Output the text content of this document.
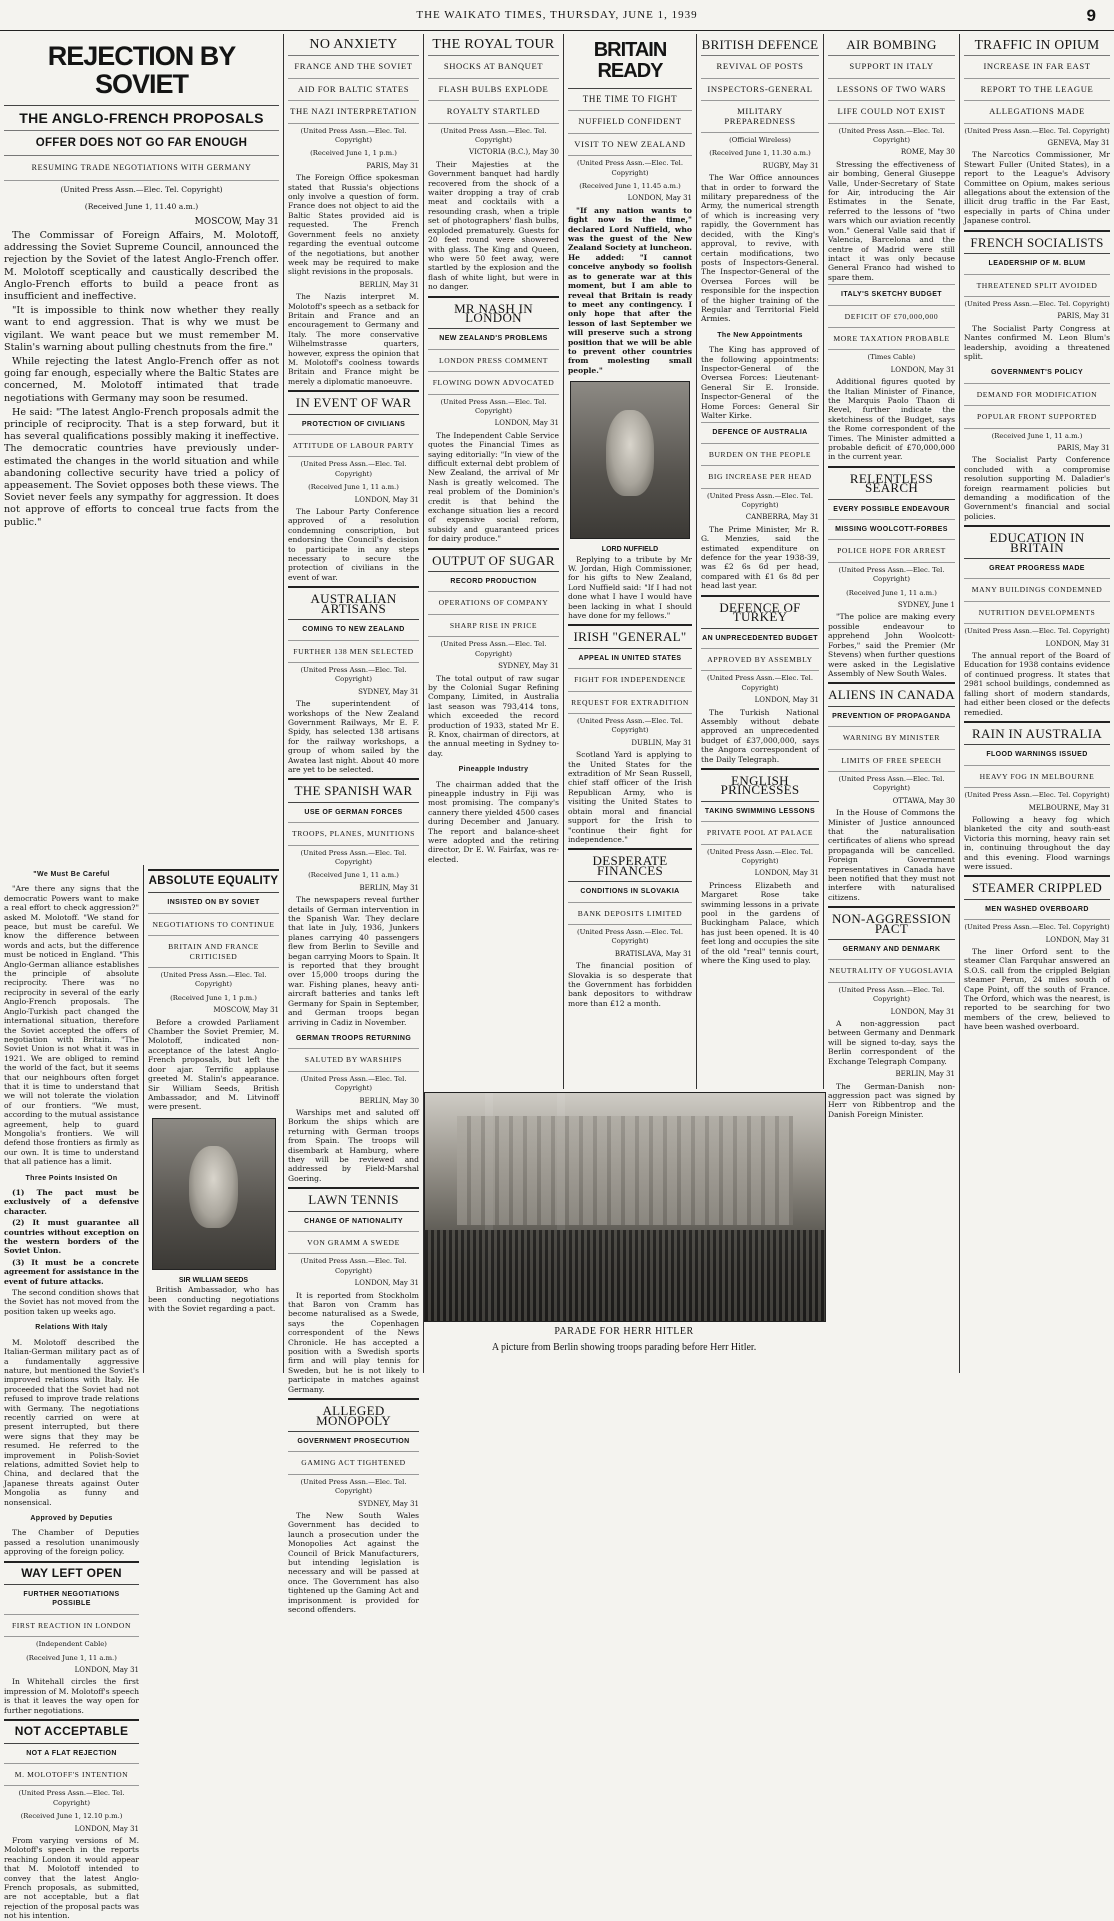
THE WAIKATO TIMES, THURSDAY, JUNE 1, 1939	9
REJECTION BY SOVIET
THE ANGLO-FRENCH PROPOSALS
OFFER DOES NOT GO FAR ENOUGH
RESUMING TRADE NEGOTIATIONS WITH GERMANY
(United Press Assn.—Elec. Tel. Copyright)
(Received June 1, 11.40 a.m.)
MOSCOW, May 31

The Commissar of Foreign Affairs, M. Molotoff, addressing the Soviet Supreme Council, announced the rejection by the Soviet of the latest Anglo-French offer. M. Molotoff sceptically and caustically described the Anglo-French efforts to build a peace front as insufficient and ineffective.

"It is impossible to think now whether they really want to end aggression. That is why we must be vigilant. We want peace but we must remember M. Stalin's warning about pulling chestnuts from the fire."

While rejecting the latest Anglo-French offer as not going far enough, especially where the Baltic States are concerned, M. Molotoff intimated that trade negotiations with Germany may soon be resumed.

He said: "The latest Anglo-French proposals admit the principle of reciprocity. That is a step forward, but it has several qualifications possibly making it ineffective. The democratic countries have previously under-estimated the changes in the world situation and while abandoning collective security have tried a policy of appeasement. The Soviet opposes both these views. The Soviet never feels any sympathy for aggression. It does not approve of efforts to conceal true facts from the public."

"We Must Be Careful

"Are there any signs that the democratic Powers want to make a real effort to check aggression?" asked M. Molotoff. "We stand for peace, but must be careful. We know the difference between words and acts, but the difference must be noticed in England. "This Anglo-German alliance establishes the principle of absolute reciprocity. There was no reciprocity in several of the early Anglo-French proposals. The Anglo-Turkish pact changed the international situation, therefore the Soviet accepted the offers of negotiation with Britain. "The Soviet Union is not what it was in 1921. We are obliged to remind the world of the fact, but it seems that our neighbours often forget that it is time to understand that we will not tolerate the violation of our frontiers. "We must, according to the mutual assistance agreement, help to guard Mongolia's frontiers. We will defend those frontiers as firmly as our own. It is time to understand that all patience has a limit.

Three Points Insisted On

(1) The pact must be exclusively of a defensive character.

(2) It must guarantee all countries without exception on the western borders of the Soviet Union.

(3) It must be a concrete agreement for assistance in the event of future attacks.

The second condition shows that the Soviet has not moved from the position taken up weeks ago.

Relations With Italy

M. Molotoff described the Italian-German military pact as of a fundamentally aggressive nature, but mentioned the Soviet's improved relations with Italy. He proceeded that the Soviet had not refused to improve trade relations with Germany. The negotiations recently carried on were at present interrupted, but there were signs that they may be resumed. He referred to the improvement in Polish-Soviet relations, admitted Soviet help to China, and declared that the Japanese threats against Outer Mongolia as funny and nonsensical.

Approved by Deputies

The Chamber of Deputies passed a resolution unanimously approving of the foreign policy.

WAY LEFT OPEN
FURTHER NEGOTIATIONS POSSIBLE
FIRST REACTION IN LONDON
(Independent Cable)
(Received June 1, 11 a.m.)
LONDON, May 31

In Whitehall circles the first impression of M. Molotoff's speech is that it leaves the way open for further negotiations.

NOT ACCEPTABLE
NOT A FLAT REJECTION
M. MOLOTOFF'S INTENTION
(United Press Assn.—Elec. Tel. Copyright)
(Received June 1, 12.10 p.m.)
LONDON, May 31

From varying versions of M. Molotoff's speech in the reports reaching London it would appear that M. Molotoff intended to convey that the latest Anglo-French proposals, as submitted, are not acceptable, but a flat rejection of the proposal pacts was not his intention.

ABSOLUTE EQUALITY
INSISTED ON BY SOVIET
NEGOTIATIONS TO CONTINUE
BRITAIN AND FRANCE CRITICISED
(United Press Assn.—Elec. Tel. Copyright)
(Received June 1, 1 p.m.)
MOSCOW, May 31

Before a crowded Parliament Chamber the Soviet Premier, M. Molotoff, indicated non-acceptance of the latest Anglo-French proposals, but left the door ajar. Terrific applause greeted M. Stalin's appearance. Sir William Seeds, British Ambassador, and M. Litvinoff were present.

SIR WILLIAM SEEDS

British Ambassador, who has been conducting negotiations with the Soviet regarding a pact.

NO ANXIETY
FRANCE AND THE SOVIET
AID FOR BALTIC STATES
THE NAZI INTERPRETATION
(United Press Assn.—Elec. Tel. Copyright)
(Received June 1, 1 p.m.)
PARIS, May 31

The Foreign Office spokesman stated that Russia's objections only involve a question of form. France does not object to aid the Baltic States provided aid is requested. The French Government feels no anxiety regarding the eventual outcome of the negotiations, but another week may be required to make slight revisions in the proposals.

BERLIN, May 31

The Nazis interpret M. Molotoff's speech as a setback for Britain and France and an encouragement to Germany and Italy. The more conservative Wilhelmstrasse quarters, however, express the opinion that M. Molotoff's coolness towards Britain and France might be merely a diplomatic manoeuvre.

IN EVENT OF WAR
PROTECTION OF CIVILIANS
ATTITUDE OF LABOUR PARTY
(United Press Assn.—Elec. Tel. Copyright)
(Received June 1, 11 a.m.)
LONDON, May 31

The Labour Party Conference approved of a resolution condemning conscription, but endorsing the Council's decision to participate in any steps necessary to secure the protection of civilians in the event of war.

AUSTRALIAN ARTISANS
COMING TO NEW ZEALAND
FURTHER 138 MEN SELECTED
(United Press Assn.—Elec. Tel. Copyright)
SYDNEY, May 31

The superintendent of workshops of the New Zealand Government Railways, Mr E. F. Spidy, has selected 138 artisans for the railway workshops, a group of whom sailed by the Awatea last night. About 40 more are yet to be selected.

THE SPANISH WAR
USE OF GERMAN FORCES
TROOPS, PLANES, MUNITIONS
(United Press Assn.—Elec. Tel. Copyright)
(Received June 1, 11 a.m.)
BERLIN, May 31

The newspapers reveal further details of German intervention in the Spanish War. They declare that late in July, 1936, Junkers planes carrying 40 passengers flew from Berlin to Seville and began carrying Moors to Spain. It is reported that they brought over 15,000 troops during the war. Fishing planes, heavy anti-aircraft batteries and tanks left Germany for Spain in September, and German troops began arriving in Cadiz in November.

GERMAN TROOPS RETURNING
SALUTED BY WARSHIPS
(United Press Assn.—Elec. Tel. Copyright)
BERLIN, May 30

Warships met and saluted off Borkum the ships which are returning with German troops from Spain. The troops will disembark at Hamburg, where they will be reviewed and addressed by Field-Marshal Goering.

LAWN TENNIS
CHANGE OF NATIONALITY
VON GRAMM A SWEDE
(United Press Assn.—Elec. Tel. Copyright)
LONDON, May 31

It is reported from Stockholm that Baron von Cramm has become naturalised as a Swede, says the Copenhagen correspondent of the News Chronicle. He has accepted a position with a Swedish sports firm and will play tennis for Sweden, but he is not likely to participate in matches against Germany.

ALLEGED MONOPOLY
GOVERNMENT PROSECUTION
GAMING ACT TIGHTENED
(United Press Assn.—Elec. Tel. Copyright)
SYDNEY, May 31

The New South Wales Government has decided to launch a prosecution under the Monopolies Act against the Council of Brick Manufacturers, but intending legislation is necessary and will be passed at once. The Government has also tightened up the Gaming Act and imprisonment is provided for second offenders.

THE ROYAL TOUR
SHOCKS AT BANQUET
FLASH BULBS EXPLODE
ROYALTY STARTLED
(United Press Assn.—Elec. Tel. Copyright)
VICTORIA (B.C.), May 30

Their Majesties at the Government banquet had hardly recovered from the shock of a waiter dropping a tray of crab meat and cocktails with a resounding crash, when a triple set of photographers' flash bulbs, exploded prematurely. Guests for 20 feet round were showered with glass. The King and Queen, who were 50 feet away, were startled by the explosion and the flash of white light, but were in no danger.

MR NASH IN LONDON
NEW ZEALAND'S PROBLEMS
LONDON PRESS COMMENT
FLOWING DOWN ADVOCATED
(United Press Assn.—Elec. Tel. Copyright)
LONDON, May 31

The Independent Cable Service quotes the Financial Times as saying editorially: "In view of the difficult external debt problem of New Zealand, the arrival of Mr Nash is greatly welcomed. The real problem of the Dominion's credit is that behind the exchange situation lies a record of expensive social reform, subsidy and guaranteed prices for dairy produce."

OUTPUT OF SUGAR
RECORD PRODUCTION
OPERATIONS OF COMPANY
SHARP RISE IN PRICE
(United Press Assn.—Elec. Tel. Copyright)
SYDNEY, May 31

The total output of raw sugar by the Colonial Sugar Refining Company, Limited, in Australia last season was 793,414 tons, which exceeded the record production of 1933, stated Mr E. R. Knox, chairman of directors, at the annual meeting in Sydney to-day.

Pineapple Industry

The chairman added that the pineapple industry in Fiji was most promising. The company's cannery there yielded 4500 cases during December and January. The report and balance-sheet were adopted and the retiring director, Dr E. W. Fairfax, was re-elected.

BRITAIN READY
THE TIME TO FIGHT
NUFFIELD CONFIDENT
VISIT TO NEW ZEALAND
(United Press Assn.—Elec. Tel. Copyright)
(Received June 1, 11.45 a.m.)
LONDON, May 31

"If any nation wants to fight now is the time," declared Lord Nuffield, who was the guest of the New Zealand Society at luncheon. He added: "I cannot conceive anybody so foolish as to generate war at this moment, but I am able to reveal that Britain is ready to meet any contingency. I only hope that after the lesson of last September we will preserve such a strong position that we will be able to prevent other countries from molesting small people."

LORD NUFFIELD

Replying to a tribute by Mr W. Jordan, High Commissioner, for his gifts to New Zealand, Lord Nuffield said: "If I had not done what I have I would have been lacking in what I should have done for my fellows."

IRISH "GENERAL"
APPEAL IN UNITED STATES
FIGHT FOR INDEPENDENCE
REQUEST FOR EXTRADITION
(United Press Assn.—Elec. Tel. Copyright)
DUBLIN, May 31

Scotland Yard is applying to the United States for the extradition of Mr Sean Russell, chief staff officer of the Irish Republican Army, who is visiting the United States to obtain moral and financial support for the Irish to "continue their fight for independence."

DESPERATE FINANCES
CONDITIONS IN SLOVAKIA
BANK DEPOSITS LIMITED
(United Press Assn.—Elec. Tel. Copyright)
BRATISLAVA, May 31

The financial position of Slovakia is so desperate that the Government has forbidden bank depositors to withdraw more than £12 a month.

BRITISH DEFENCE
REVIVAL OF POSTS
INSPECTORS-GENERAL
MILITARY PREPAREDNESS
(Official Wireless)
(Received June 1, 11.30 a.m.)
RUGBY, May 31

The War Office announces that in order to forward the military preparedness of the Army, the numerical strength of which is increasing very rapidly, the Government has decided, with the King's approval, to revive, with certain modifications, two posts of Inspectors-General. The Inspector-General of the Oversea Forces will be responsible for the inspection of the higher training of the Regular and Territorial Field Armies.

The New Appointments

The King has approved of the following appointments: Inspector-General of the Oversea Forces: Lieutenant-General Sir E. Ironside. Inspector-General of the Home Forces: General Sir Walter Kirke.

DEFENCE OF AUSTRALIA
BURDEN ON THE PEOPLE
BIG INCREASE PER HEAD
(United Press Assn.—Elec. Tel. Copyright)
CANBERRA, May 31

The Prime Minister, Mr R. G. Menzies, said the estimated expenditure on defence for the year 1938-39, was £2 6s 6d per head, compared with £1 6s 8d per head last year.

DEFENCE OF TURKEY
AN UNPRECEDENTED BUDGET
APPROVED BY ASSEMBLY
(United Press Assn.—Elec. Tel. Copyright)
LONDON, May 31

The Turkish National Assembly without debate approved an unprecedented budget of £37,000,000, says the Angora correspondent of the Daily Telegraph.

ENGLISH PRINCESSES
TAKING SWIMMING LESSONS
PRIVATE POOL AT PALACE
(United Press Assn.—Elec. Tel. Copyright)
LONDON, May 31

Princess Elizabeth and Margaret Rose take swimming lessons in a private pool in the gardens of Buckingham Palace, which has just been opened. It is 40 feet long and occupies the site of the old "real" tennis court, where the King used to play.

AIR BOMBING
SUPPORT IN ITALY
LESSONS OF TWO WARS
LIFE COULD NOT EXIST
(United Press Assn.—Elec. Tel. Copyright)
ROME, May 30

Stressing the effectiveness of air bombing, General Giuseppe Valle, Under-Secretary of State for Air, introducing the Air Estimates in the Senate, referred to the lessons of "two wars which our aviation recently won." General Valle said that if Valencia, Barcelona and the centre of Madrid were still intact it was only because General Franco had wished to spare them.

ITALY'S SKETCHY BUDGET
DEFICIT OF £70,000,000
MORE TAXATION PROBABLE
(Times Cable)
LONDON, May 31

Additional figures quoted by the Italian Minister of Finance, the Marquis Paolo Thaon di Revel, further indicate the sketchiness of the Budget, says the Rome correspondent of the Times. The Minister admitted a probable deficit of £70,000,000 in the current year.

RELENTLESS SEARCH
EVERY POSSIBLE ENDEAVOUR
MISSING WOOLCOTT-FORBES
POLICE HOPE FOR ARREST
(United Press Assn.—Elec. Tel. Copyright)
(Received June 1, 11 a.m.)
SYDNEY, June 1

"The police are making every possible endeavour to apprehend John Woolcott-Forbes," said the Premier (Mr Stevens) when further questions were asked in the Legislative Assembly of New South Wales.

ALIENS IN CANADA
PREVENTION OF PROPAGANDA
WARNING BY MINISTER
LIMITS OF FREE SPEECH
(United Press Assn.—Elec. Tel. Copyright)
OTTAWA, May 30

In the House of Commons the Minister of Justice announced that the naturalisation certificates of aliens who spread propaganda will be cancelled. Foreign Government representatives in Canada have been notified that they must not interfere with naturalised citizens.

NON-AGGRESSION PACT
GERMANY AND DENMARK
NEUTRALITY OF YUGOSLAVIA
(United Press Assn.—Elec. Tel. Copyright)
LONDON, May 31

A non-aggression pact between Germany and Denmark will be signed to-day, says the Berlin correspondent of the Exchange Telegraph Company.

BERLIN, May 31

The German-Danish non-aggression pact was signed by Herr von Ribbentrop and the Danish Foreign Minister.

TRAFFIC IN OPIUM
INCREASE IN FAR EAST
REPORT TO THE LEAGUE
ALLEGATIONS MADE
(United Press Assn.—Elec. Tel. Copyright)
GENEVA, May 31

The Narcotics Commissioner, Mr Stewart Fuller (United States), in a report to the League's Advisory Committee on Opium, makes serious allegations about the extension of the illicit drug traffic in the Far East, especially in parts of China under Japanese control.

FRENCH SOCIALISTS
LEADERSHIP OF M. BLUM
THREATENED SPLIT AVOIDED
(United Press Assn.—Elec. Tel. Copyright)
PARIS, May 31

The Socialist Party Congress at Nantes confirmed M. Leon Blum's leadership, avoiding a threatened split.

GOVERNMENT'S POLICY
DEMAND FOR MODIFICATION
POPULAR FRONT SUPPORTED
(Received June 1, 11 a.m.)
PARIS, May 31

The Socialist Party Conference concluded with a compromise resolution supporting M. Daladier's foreign rearmament policies but demanding a modification of the Government's financial and social policies.

EDUCATION IN BRITAIN
GREAT PROGRESS MADE
MANY BUILDINGS CONDEMNED
NUTRITION DEVELOPMENTS
(United Press Assn.—Elec. Tel. Copyright)
LONDON, May 31

The annual report of the Board of Education for 1938 contains evidence of continued progress. It states that 2981 school buildings, condemned as falling short of modern standards, had either been closed or the defects remedied.

RAIN IN AUSTRALIA
FLOOD WARNINGS ISSUED
HEAVY FOG IN MELBOURNE
(United Press Assn.—Elec. Tel. Copyright)
MELBOURNE, May 31

Following a heavy fog which blanketed the city and south-east Victoria this morning, heavy rain set in, continuing throughout the day and this evening. Flood warnings were issued.

STEAMER CRIPPLED
MEN WASHED OVERBOARD
(United Press Assn.—Elec. Tel. Copyright)
LONDON, May 31

The liner Orford sent to the steamer Clan Farquhar answered an S.O.S. call from the crippled Belgian steamer Perun, 24 miles south of Cape Point, off the south of France. The Orford, which was the nearest, is reported to be searching for two members of the crew, believed to have been washed overboard.

PARADE FOR HERR HITLER
A picture from Berlin showing troops parading before Herr Hitler.
